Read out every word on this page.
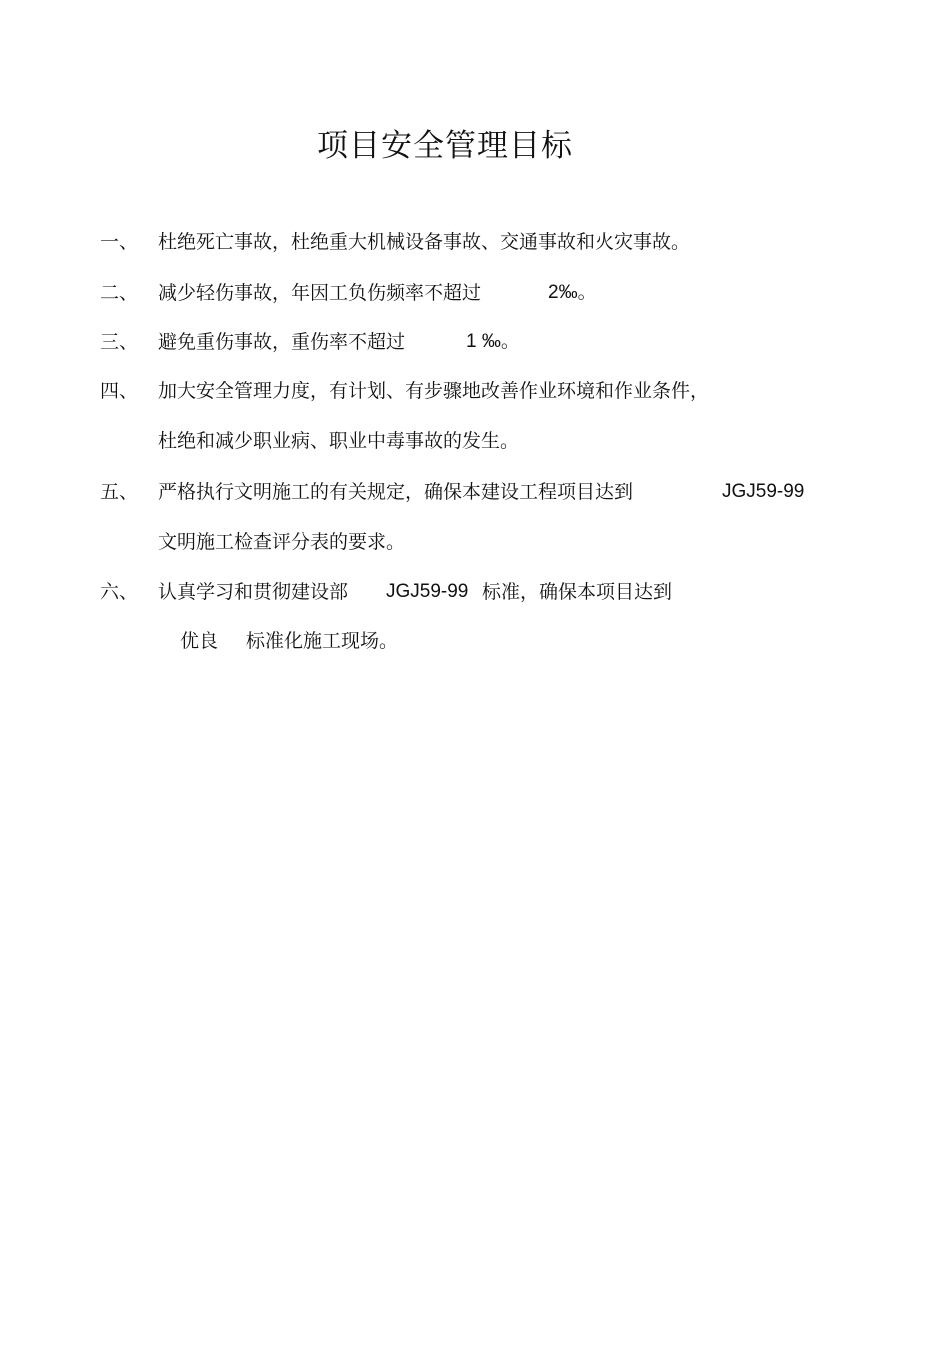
项目安全管理目标
一、 杜绝死亡事故，杜绝重大机械设备事故、交通事故和火灾事故。
二、 减少轻伤事故，年因工负伤频率不超过	2‰。
三、 避免重伤事故，重伤率不超过	1 ‰。
四、 加大安全管理力度，有计划、有步骤地改善作业环境和作业条件，
杜绝和减少职业病、职业中毒事故的发生。
五、 严格执行文明施工的有关规定，确保本建设工程项目达到	JGJ59-99
文明施工检查评分表的要求。
六、 认真学习和贯彻建设部 JGJ59-99 标准，确保本项目达到
优良 标准化施工现场。
